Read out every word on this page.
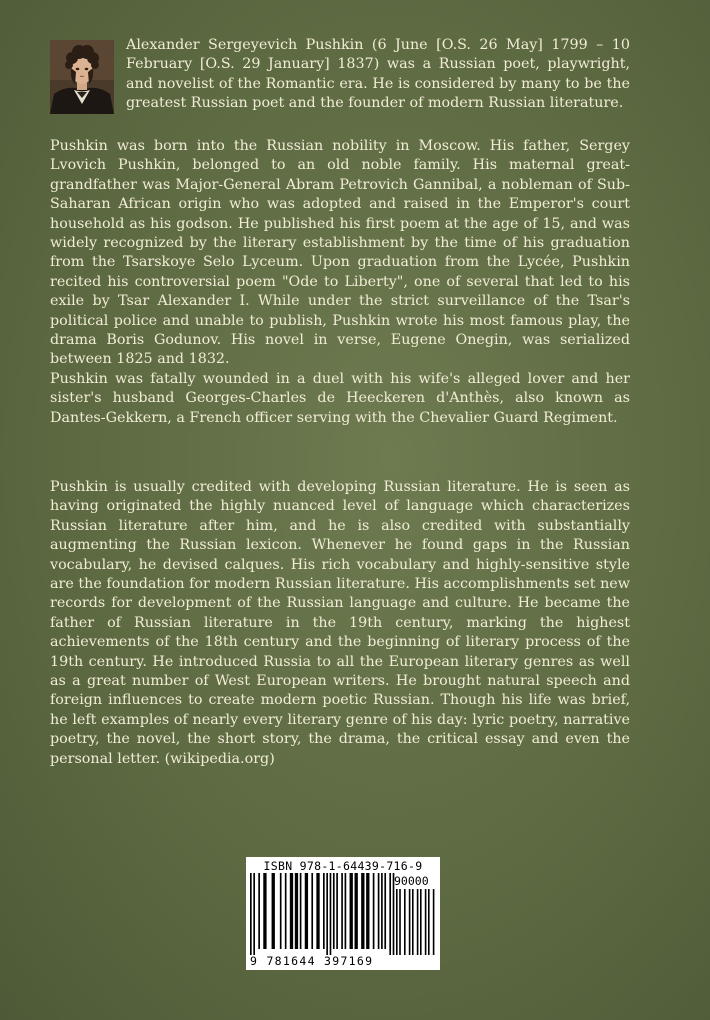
Alexander Sergeyevich Pushkin (6 June [O.S. 26 May] 1799 – 10 February [O.S. 29 January] 1837) was a Russian poet, playwright, and novelist of the Romantic era. He is considered by many to be the greatest Russian poet and the founder of modern Russian literature.

Pushkin was born into the Russian nobility in Moscow. His father, Sergey Lvovich Pushkin, belonged to an old noble family. His maternal great-grandfather was Major-General Abram Petrovich Gannibal, a nobleman of Sub-Saharan African origin who was adopted and raised in the Emperor's court household as his godson. He published his first poem at the age of 15, and was widely recognized by the literary establishment by the time of his graduation from the Tsarskoye Selo Lyceum. Upon graduation from the Lycée, Pushkin recited his controversial poem "Ode to Liberty", one of several that led to his exile by Tsar Alexander I. While under the strict surveillance of the Tsar's political police and unable to publish, Pushkin wrote his most famous play, the drama Boris Godunov. His novel in verse, Eugene Onegin, was serialized between 1825 and 1832.

Pushkin was fatally wounded in a duel with his wife's alleged lover and her sister's husband Georges-Charles de Heeckeren d'Anthès, also known as Dantes-Gekkern, a French officer serving with the Chevalier Guard Regiment.

Pushkin is usually credited with developing Russian literature. He is seen as having originated the highly nuanced level of language which characterizes Russian literature after him, and he is also credited with substantially augmenting the Russian lexicon. Whenever he found gaps in the Russian vocabulary, he devised calques. His rich vocabulary and highly-sensitive style are the foundation for modern Russian literature. His accomplishments set new records for development of the Russian language and culture. He became the father of Russian literature in the 19th century, marking the highest achievements of the 18th century and the beginning of literary process of the 19th century. He introduced Russia to all the European literary genres as well as a great number of West European writers. He brought natural speech and foreign influences to create modern poetic Russian. Though his life was brief, he left examples of nearly every literary genre of his day: lyric poetry, narrative poetry, the novel, the short story, the drama, the critical essay and even the personal letter. (wikipedia.org)

ISBN 978-1-64439-716-9
90000
9 781644 397169
